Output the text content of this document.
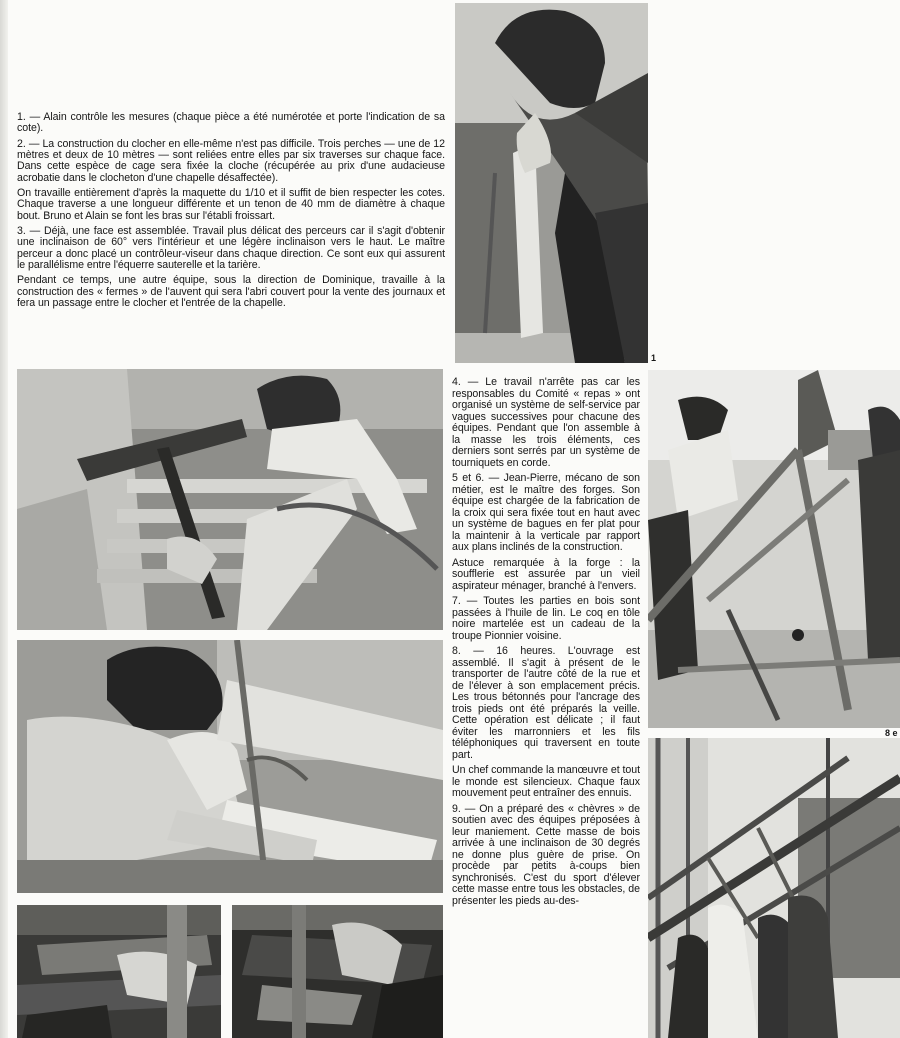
1

1. — Alain contrôle les mesures (chaque pièce a été numérotée et porte l'indication de sa cote).

2. — La construction du clocher en elle-même n'est pas difficile. Trois perches — une de 12 mètres et deux de 10 mètres — sont reliées entre elles par six traverses sur chaque face. Dans cette espèce de cage sera fixée la cloche (récupérée au prix d'une audacieuse acrobatie dans le clocheton d'une chapelle désaffectée).

On travaille entièrement d'après la maquette du 1/10 et il suffit de bien respecter les cotes. Chaque traverse a une longueur différente et un tenon de 40 mm de diamètre à chaque bout. Bruno et Alain se font les bras sur l'établi froissart.

3. — Déjà, une face est assemblée. Travail plus délicat des perceurs car il s'agit d'obtenir une inclinaison de 60° vers l'intérieur et une légère inclinaison vers le haut. Le maître perceur a donc placé un contrôleur-viseur dans chaque direction. Ce sont eux qui assurent le parallélisme entre l'équerre sauterelle et la tarière.

Pendant ce temps, une autre équipe, sous la direction de Dominique, travaille à la construction des « fermes » de l'auvent qui sera l'abri couvert pour la vente des journaux et fera un passage entre le clocher et l'entrée de la chapelle.

4. — Le travail n'arrête pas car les responsables du Comité « repas » ont organisé un système de self-service par vagues successives pour chacune des équipes. Pendant que l'on assemble à la masse les trois éléments, ces derniers sont serrés par un système de tourniquets en corde.

5 et 6. — Jean-Pierre, mécano de son métier, est le maître des forges. Son équipe est chargée de la fabrication de la croix qui sera fixée tout en haut avec un système de bagues en fer plat pour la maintenir à la verticale par rapport aux plans inclinés de la construction.

Astuce remarquée à la forge : la soufflerie est assurée par un vieil aspirateur ménager, branché à l'envers.

7. — Toutes les parties en bois sont passées à l'huile de lin. Le coq en tôle noire martelée est un cadeau de la troupe Pionnier voisine.

8. — 16 heures. L'ouvrage est assemblé. Il s'agit à présent de le transporter de l'autre côté de la rue et de l'élever à son emplacement précis. Les trous bétonnés pour l'ancrage des trois pieds ont été préparés la veille. Cette opération est délicate ; il faut éviter les marronniers et les fils téléphoniques qui traversent en toute part.

Un chef commande la manœuvre et tout le monde est silencieux. Chaque faux mouvement peut entraîner des ennuis.

9. — On a préparé des « chèvres » de soutien avec des équipes préposées à leur maniement. Cette masse de bois arrivée à une inclinaison de 30 degrés ne donne plus guère de prise. On procède par petits à-coups bien synchronisés. C'est du sport d'élever cette masse entre tous les obstacles, de présenter les pieds au-des-

8 e
